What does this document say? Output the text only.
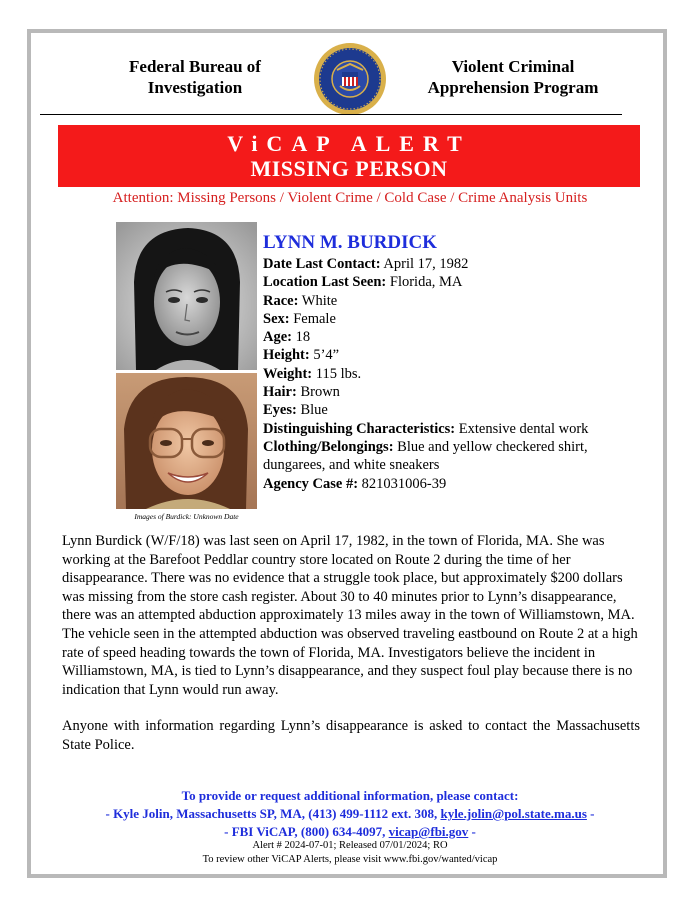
Federal Bureau of
Investigation
Violent Criminal
Apprehension Program
ViCAP ALERT
MISSING PERSON
Attention: Missing Persons / Violent Crime / Cold Case / Crime Analysis Units
Images of Burdick: Unknown Date
LYNN M. BURDICK
Date Last Contact: April 17, 1982
Location Last Seen: Florida, MA
Race: White
Sex: Female
Age: 18
Height: 5’4”
Weight: 115 lbs.
Hair: Brown
Eyes: Blue
Distinguishing Characteristics: Extensive dental work
Clothing/Belongings: Blue and yellow checkered shirt, dungarees, and white sneakers
Agency Case #: 821031006-39

Lynn Burdick (W/F/18) was last seen on April 17, 1982, in the town of Florida, MA. She was working at the Barefoot Peddlar country store located on Route 2 during the time of her disappearance. There was no evidence that a struggle took place, but approximately $200 dollars was missing from the store cash register. About 30 to 40 minutes prior to Lynn’s disappearance, there was an attempted abduction approximately 13 miles away in the town of Williamstown, MA. The vehicle seen in the attempted abduction was observed traveling eastbound on Route 2 at a high rate of speed heading towards the town of Florida, MA. Investigators believe the incident in Williamstown, MA, is tied to Lynn’s disappearance, and they suspect foul play because there is no indication that Lynn would run away.

Anyone with information regarding Lynn’s disappearance is asked to contact the Massachusetts State Police.

To provide or request additional information, please contact:
- Kyle Jolin, Massachusetts SP, MA, (413) 499-1112 ext. 308, kyle.jolin@pol.state.ma.us -
- FBI ViCAP, (800) 634-4097, vicap@fbi.gov -
Alert # 2024-07-01; Released 07/01/2024; RO
To review other ViCAP Alerts, please visit www.fbi.gov/wanted/vicap
